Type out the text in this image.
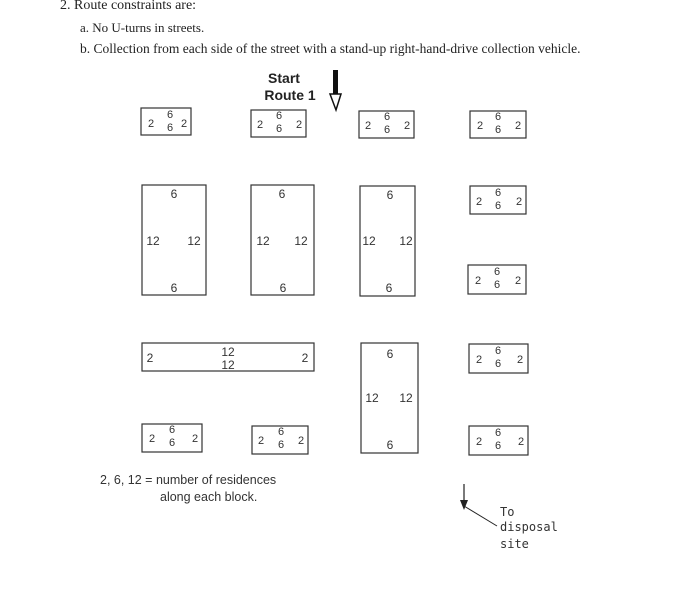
2. Route constraints are:
a. No U-turns in streets.
b. Collection from each side of the street with a stand-up right-hand-drive collection vehicle.
Start
Route 1
2
6
6 2	2
6
6 2	2
6
6 2	2
6
6 2
2
6
6 2
2
6
6 2
2
6
6 2
2
6
6 2	2
6
6 2	2
6
6 2
6
12 12
6
6
12 12
6
6
12 12
6
6
12 12
6
2	12
12	2
2, 6, 12 = number of residences
along each block.
To
disposal
site
